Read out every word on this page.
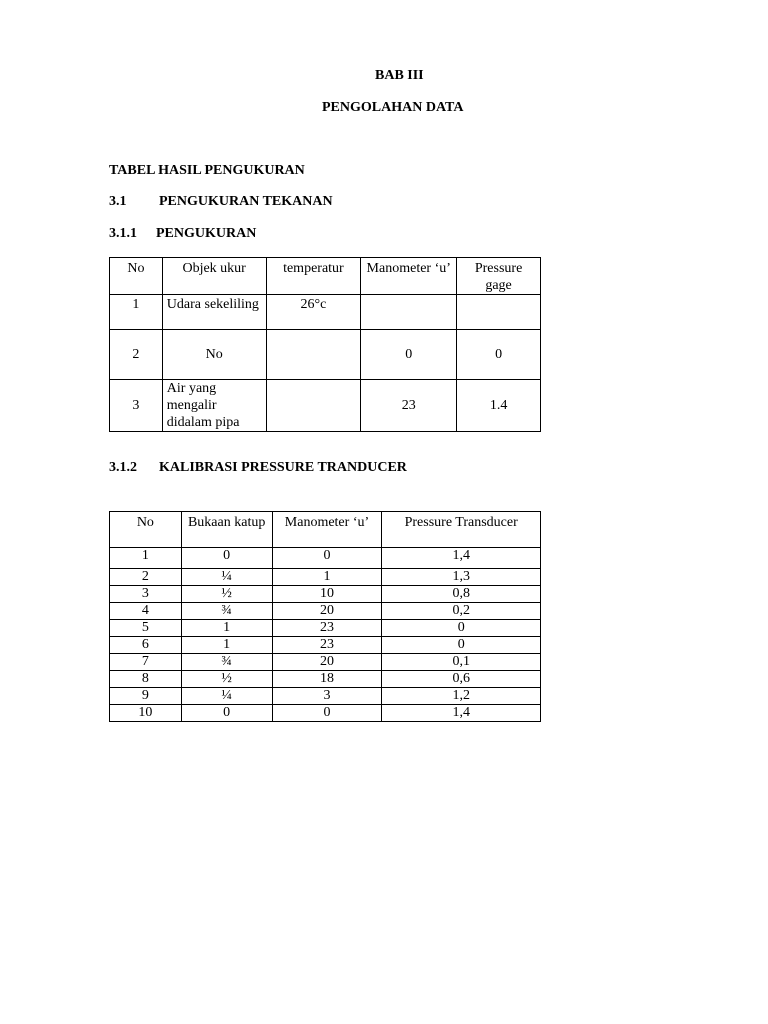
BAB III
PENGOLAHAN DATA
TABEL HASIL PENGUKURAN
3.1 PENGUKURAN TEKANAN
3.1.1 PENGUKURAN
No	Objek ukur	temperatur	Manometer ‘u’	Pressure gage
1	Udara sekeliling	26°c		
2	No		0	0
3	Air yang mengalir didalam pipa		23	1.4
3.1.2 KALIBRASI PRESSURE TRANDUCER
No	Bukaan katup	Manometer ‘u’	Pressure Transducer
1	0	0	1,4
2	¼	1	1,3
3	½	10	0,8
4	¾	20	0,2
5	1	23	0
6	1	23	0
7	¾	20	0,1
8	½	18	0,6
9	¼	3	1,2
10	0	0	1,4
